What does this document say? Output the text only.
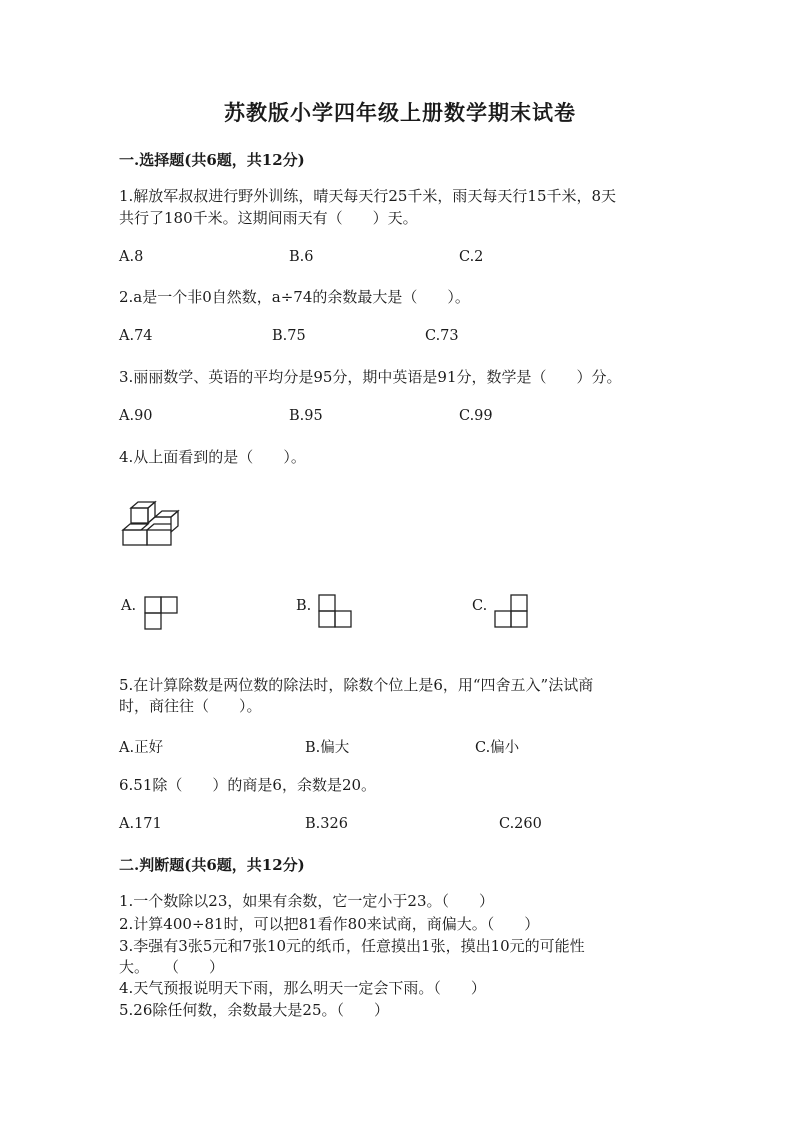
苏教版小学四年级上册数学期末试卷
一.选择题(共6题，共12分)
1.解放军叔叔进行野外训练，晴天每天行25千米，雨天每天行15千米，8天
共行了180千米。这期间雨天有（　　）天。
A.8	B.6	C.2
2.a是一个非0自然数，a÷74的余数最大是（　　）。
A.74	B.75	C.73
3.丽丽数学、英语的平均分是95分，期中英语是91分，数学是（　　）分。
A.90	B.95	C.99
4.从上面看到的是（　　）。
A.	B.	C.
5.在计算除数是两位数的除法时，除数个位上是6，用“四舍五入”法试商
时，商往往（　　）。
A.正好	B.偏大	C.偏小
6.51除（　　）的商是6，余数是20。
A.171	B.326	C.260
二.判断题(共6题，共12分)
1.一个数除以23，如果有余数，它一定小于23。（　　）
2.计算400÷81时，可以把81看作80来试商，商偏大。（　　）
3.李强有3张5元和7张10元的纸币，任意摸出1张，摸出10元的可能性
大。　　（　　）
4.天气预报说明天下雨，那么明天一定会下雨。（　　）
5.26除任何数，余数最大是25。（　　）
